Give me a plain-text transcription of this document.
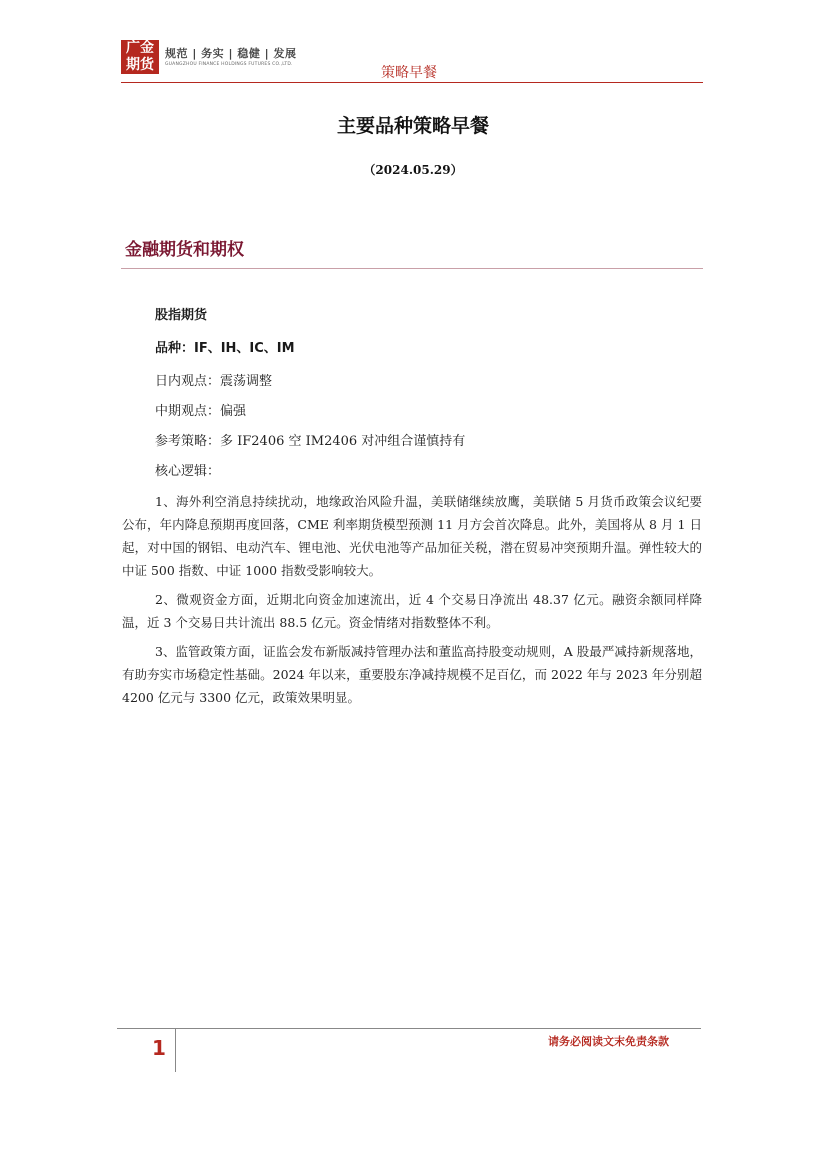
广金
期货
规范 | 务实 | 稳健 | 发展
GUANGZHOU FINANCE HOLDINGS FUTURES CO.,LTD.
策略早餐
主要品种策略早餐
（2024.05.29）
金融期货和期权
股指期货
品种：IF、IH、IC、IM
日内观点：震荡调整
中期观点：偏强
参考策略：多 IF2406 空 IM2406 对冲组合谨慎持有
核心逻辑：

1、海外利空消息持续扰动，地缘政治风险升温，美联储继续放鹰，美联储 5 月货币政策会议纪要公布，年内降息预期再度回落，CME 利率期货模型预测 11 月方会首次降息。此外，美国将从 8 月 1 日起，对中国的钢铝、电动汽车、锂电池、光伏电池等产品加征关税，潜在贸易冲突预期升温。弹性较大的中证 500 指数、中证 1000 指数受影响较大。

2、微观资金方面，近期北向资金加速流出，近 4 个交易日净流出 48.37 亿元。融资余额同样降温，近 3 个交易日共计流出 88.5 亿元。资金情绪对指数整体不利。

3、监管政策方面，证监会发布新版减持管理办法和董监高持股变动规则，A 股最严减持新规落地，有助夯实市场稳定性基础。2024 年以来，重要股东净减持规模不足百亿，而 2022 年与 2023 年分别超 4200 亿元与 3300 亿元，政策效果明显。

1	请务必阅读文末免责条款
